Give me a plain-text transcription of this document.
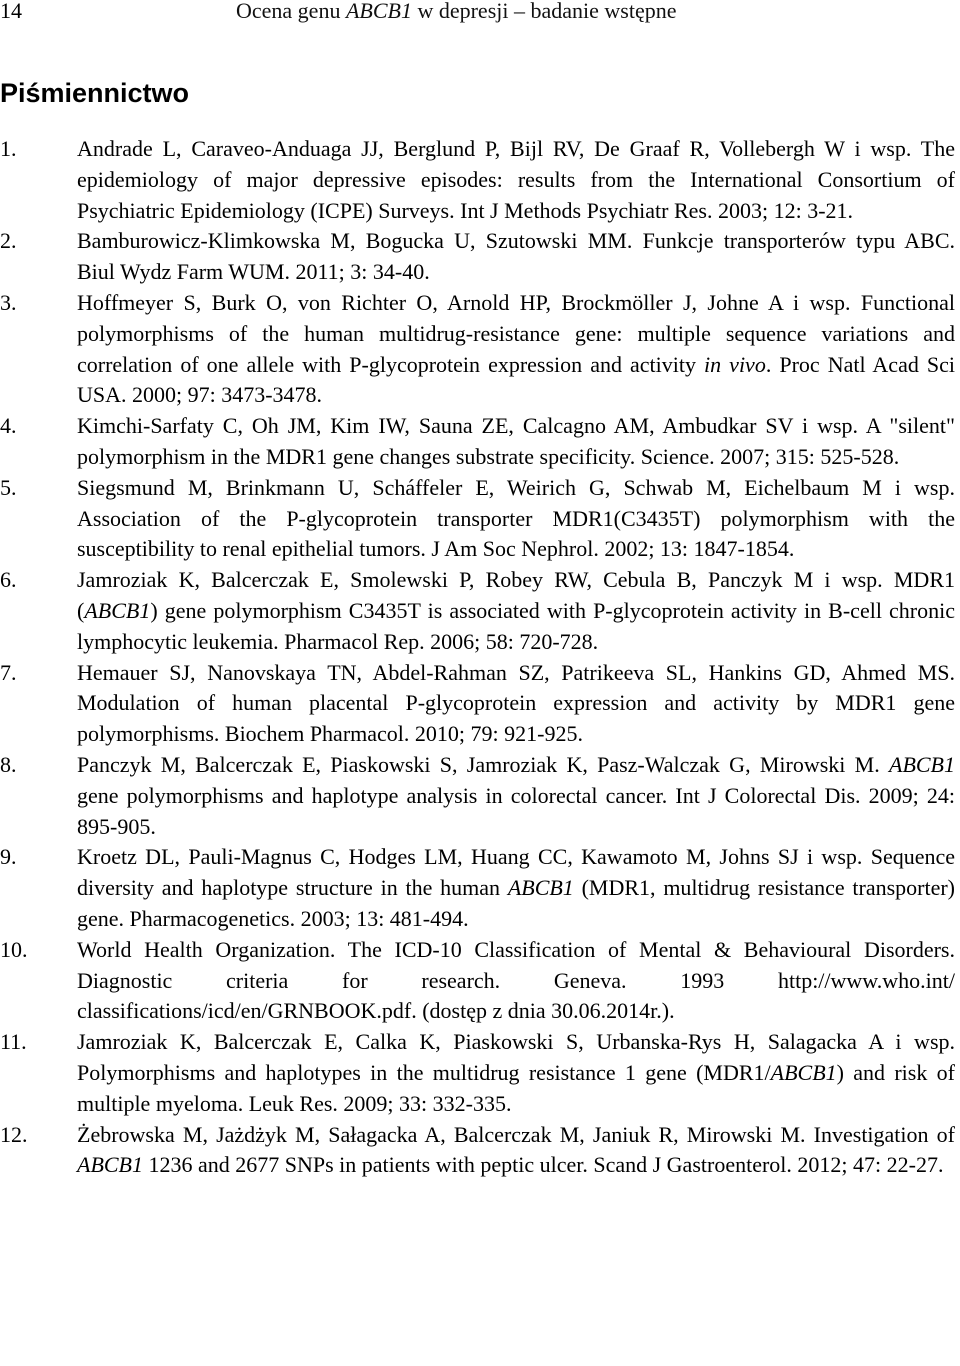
14	Ocena genu ABCB1 w depresji – badanie wstępne
Piśmiennictwo
1.	Andrade L, Caraveo-Anduaga JJ, Berglund P, Bijl RV, De Graaf R, Vollebergh W i wsp. The epidemiology of major depressive episodes: results from the International Consortium of Psychiatric Epidemiology (ICPE) Surveys. Int J Methods Psychiatr Res. 2003; 12: 3-21.
2.	Bamburowicz-Klimkowska M, Bogucka U, Szutowski MM. Funkcje transporterów typu ABC. Biul Wydz Farm WUM. 2011; 3: 34-40.
3.	Hoffmeyer S, Burk O, von Richter O, Arnold HP, Brockmöller J, Johne A i wsp. Functional polymorphisms of the human multidrug-resistance gene: multiple sequence variations and correlation of one allele with P-glycoprotein expression and activity in vivo. Proc Natl Acad Sci USA. 2000; 97: 3473-3478.
4.	Kimchi-Sarfaty C, Oh JM, Kim IW, Sauna ZE, Calcagno AM, Ambudkar SV i wsp. A "silent" polymorphism in the MDR1 gene changes substrate specificity. Science. 2007; 315: 525-528.
5.	Siegsmund M, Brinkmann U, Scháffeler E, Weirich G, Schwab M, Eichelbaum M i wsp. Association of the P-glycoprotein transporter MDR1(C3435T) polymorphism with the susceptibility to renal epithelial tumors. J Am Soc Nephrol. 2002; 13: 1847-1854.
6.	Jamroziak K, Balcerczak E, Smolewski P, Robey RW, Cebula B, Panczyk M i wsp. MDR1 (ABCB1) gene polymorphism C3435T is associated with P-glycoprotein activity in B-cell chronic lymphocytic leukemia. Pharmacol Rep. 2006; 58: 720-728.
7.	Hemauer SJ, Nanovskaya TN, Abdel-Rahman SZ, Patrikeeva SL, Hankins GD, Ahmed MS. Modulation of human placental P-glycoprotein expression and activity by MDR1 gene polymorphisms. Biochem Pharmacol. 2010; 79: 921-925.
8.	Panczyk M, Balcerczak E, Piaskowski S, Jamroziak K, Pasz-Walczak G, Mirowski M. ABCB1 gene polymorphisms and haplotype analysis in colorectal cancer. Int J Colorectal Dis. 2009; 24: 895-905.
9.	Kroetz DL, Pauli-Magnus C, Hodges LM, Huang CC, Kawamoto M, Johns SJ i wsp. Sequence diversity and haplotype structure in the human ABCB1 (MDR1, multidrug resistance transporter) gene. Pharmacogenetics. 2003; 13: 481-494.
10. World Health Organization. The ICD-10 Classification of Mental & Behavioural Disorders. Diagnostic criteria for research. Geneva. 1993 http://www.who.int/ classifications/icd/en/GRNBOOK.pdf. (dostęp z dnia 30.06.2014r.).
11. Jamroziak K, Balcerczak E, Calka K, Piaskowski S, Urbanska-Rys H, Salagacka A i wsp. Polymorphisms and haplotypes in the multidrug resistance 1 gene (MDR1/ABCB1) and risk of multiple myeloma. Leuk Res. 2009; 33: 332-335.
12. Żebrowska M, Jażdżyk M, Sałagacka A, Balcerczak M, Janiuk R, Mirowski M. Investigation of ABCB1 1236 and 2677 SNPs in patients with peptic ulcer. Scand J Gastroenterol. 2012; 47: 22-27.
